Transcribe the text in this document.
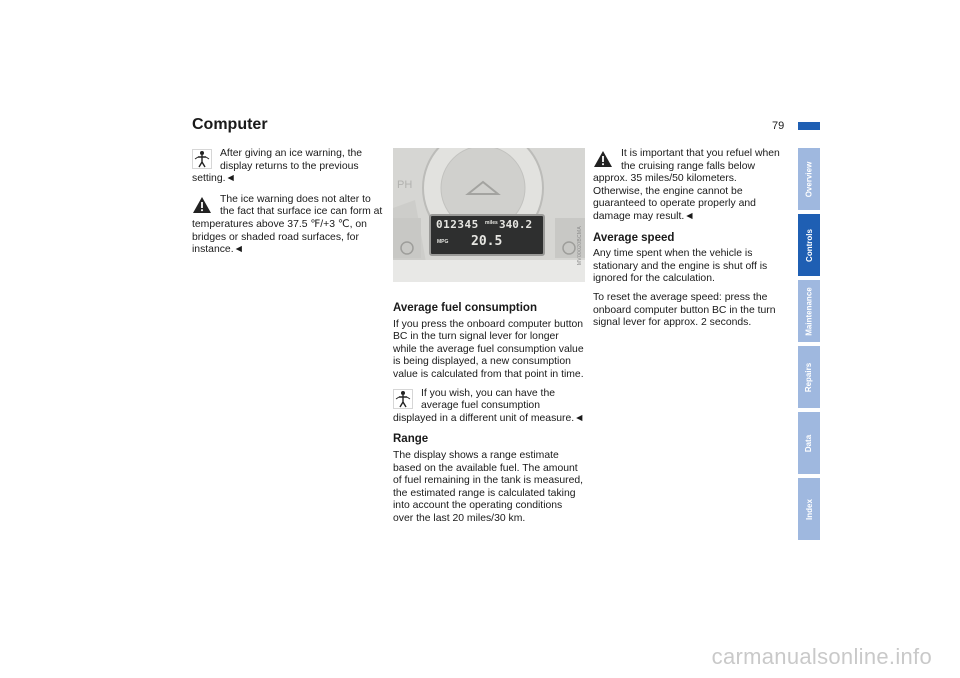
Computer	79

After giving an ice warning, the display returns to the previous setting.◄

The ice warning does not alter to the fact that surface ice can form at temperatures above 37.5 ℉/+3 ℃, on bridges or shaded road surfaces, for instance.◄

PH
012345 miles 340.2
MPG 20.5	MV00020BCMA
Average fuel consumption

If you press the onboard computer button BC in the turn signal lever for longer while the average fuel consumption value is being displayed, a new consumption value is calculated from that point in time.

If you wish, you can have the average fuel consumption displayed in a different unit of measure.◄

Range

The display shows a range estimate based on the available fuel. The amount of fuel remaining in the tank is measured, the estimated range is calculated taking into account the operating conditions over the last 20 miles/30 km.

It is important that you refuel when the cruising range falls below approx. 35 miles/50 kilometers. Otherwise, the engine cannot be guaranteed to operate properly and damage may result.◄

Average speed

Any time spent when the vehicle is stationary and the engine is shut off is ignored for the calculation.

To reset the average speed: press the onboard computer button BC in the turn signal lever for approx. 2 seconds.

Overview
Controls
Maintenance
Repairs
Data
Index
carmanualsonline.info
